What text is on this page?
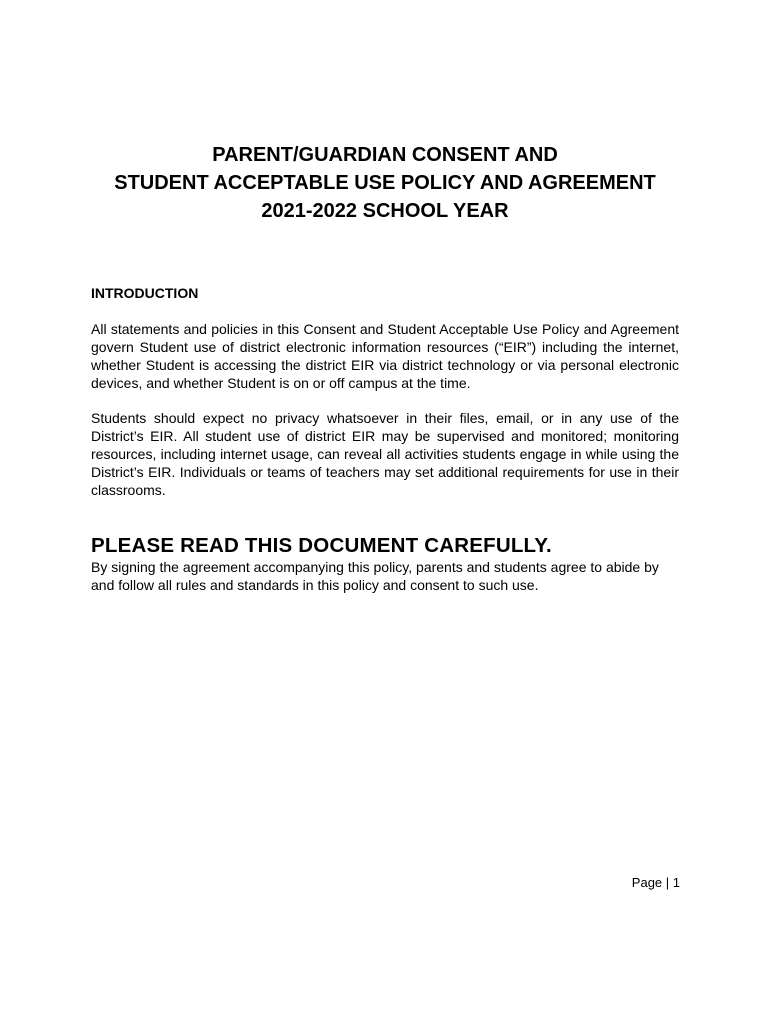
PARENT/GUARDIAN CONSENT AND
STUDENT ACCEPTABLE USE POLICY AND AGREEMENT
2021-2022 SCHOOL YEAR
INTRODUCTION

All statements and policies in this Consent and Student Acceptable Use Policy and Agreement govern Student use of district electronic information resources (“EIR”) including the internet, whether Student is accessing the district EIR via district technology or via personal electronic devices, and whether Student is on or off campus at the time.

Students should expect no privacy whatsoever in their files, email, or in any use of the District’s EIR. All student use of district EIR may be supervised and monitored; monitoring resources, including internet usage, can reveal all activities students engage in while using the District’s EIR. Individuals or teams of teachers may set additional requirements for use in their classrooms.

PLEASE READ THIS DOCUMENT CAREFULLY.

By signing the agreement accompanying this policy, parents and students agree to abide by and follow all rules and standards in this policy and consent to such use.

Page | 1
